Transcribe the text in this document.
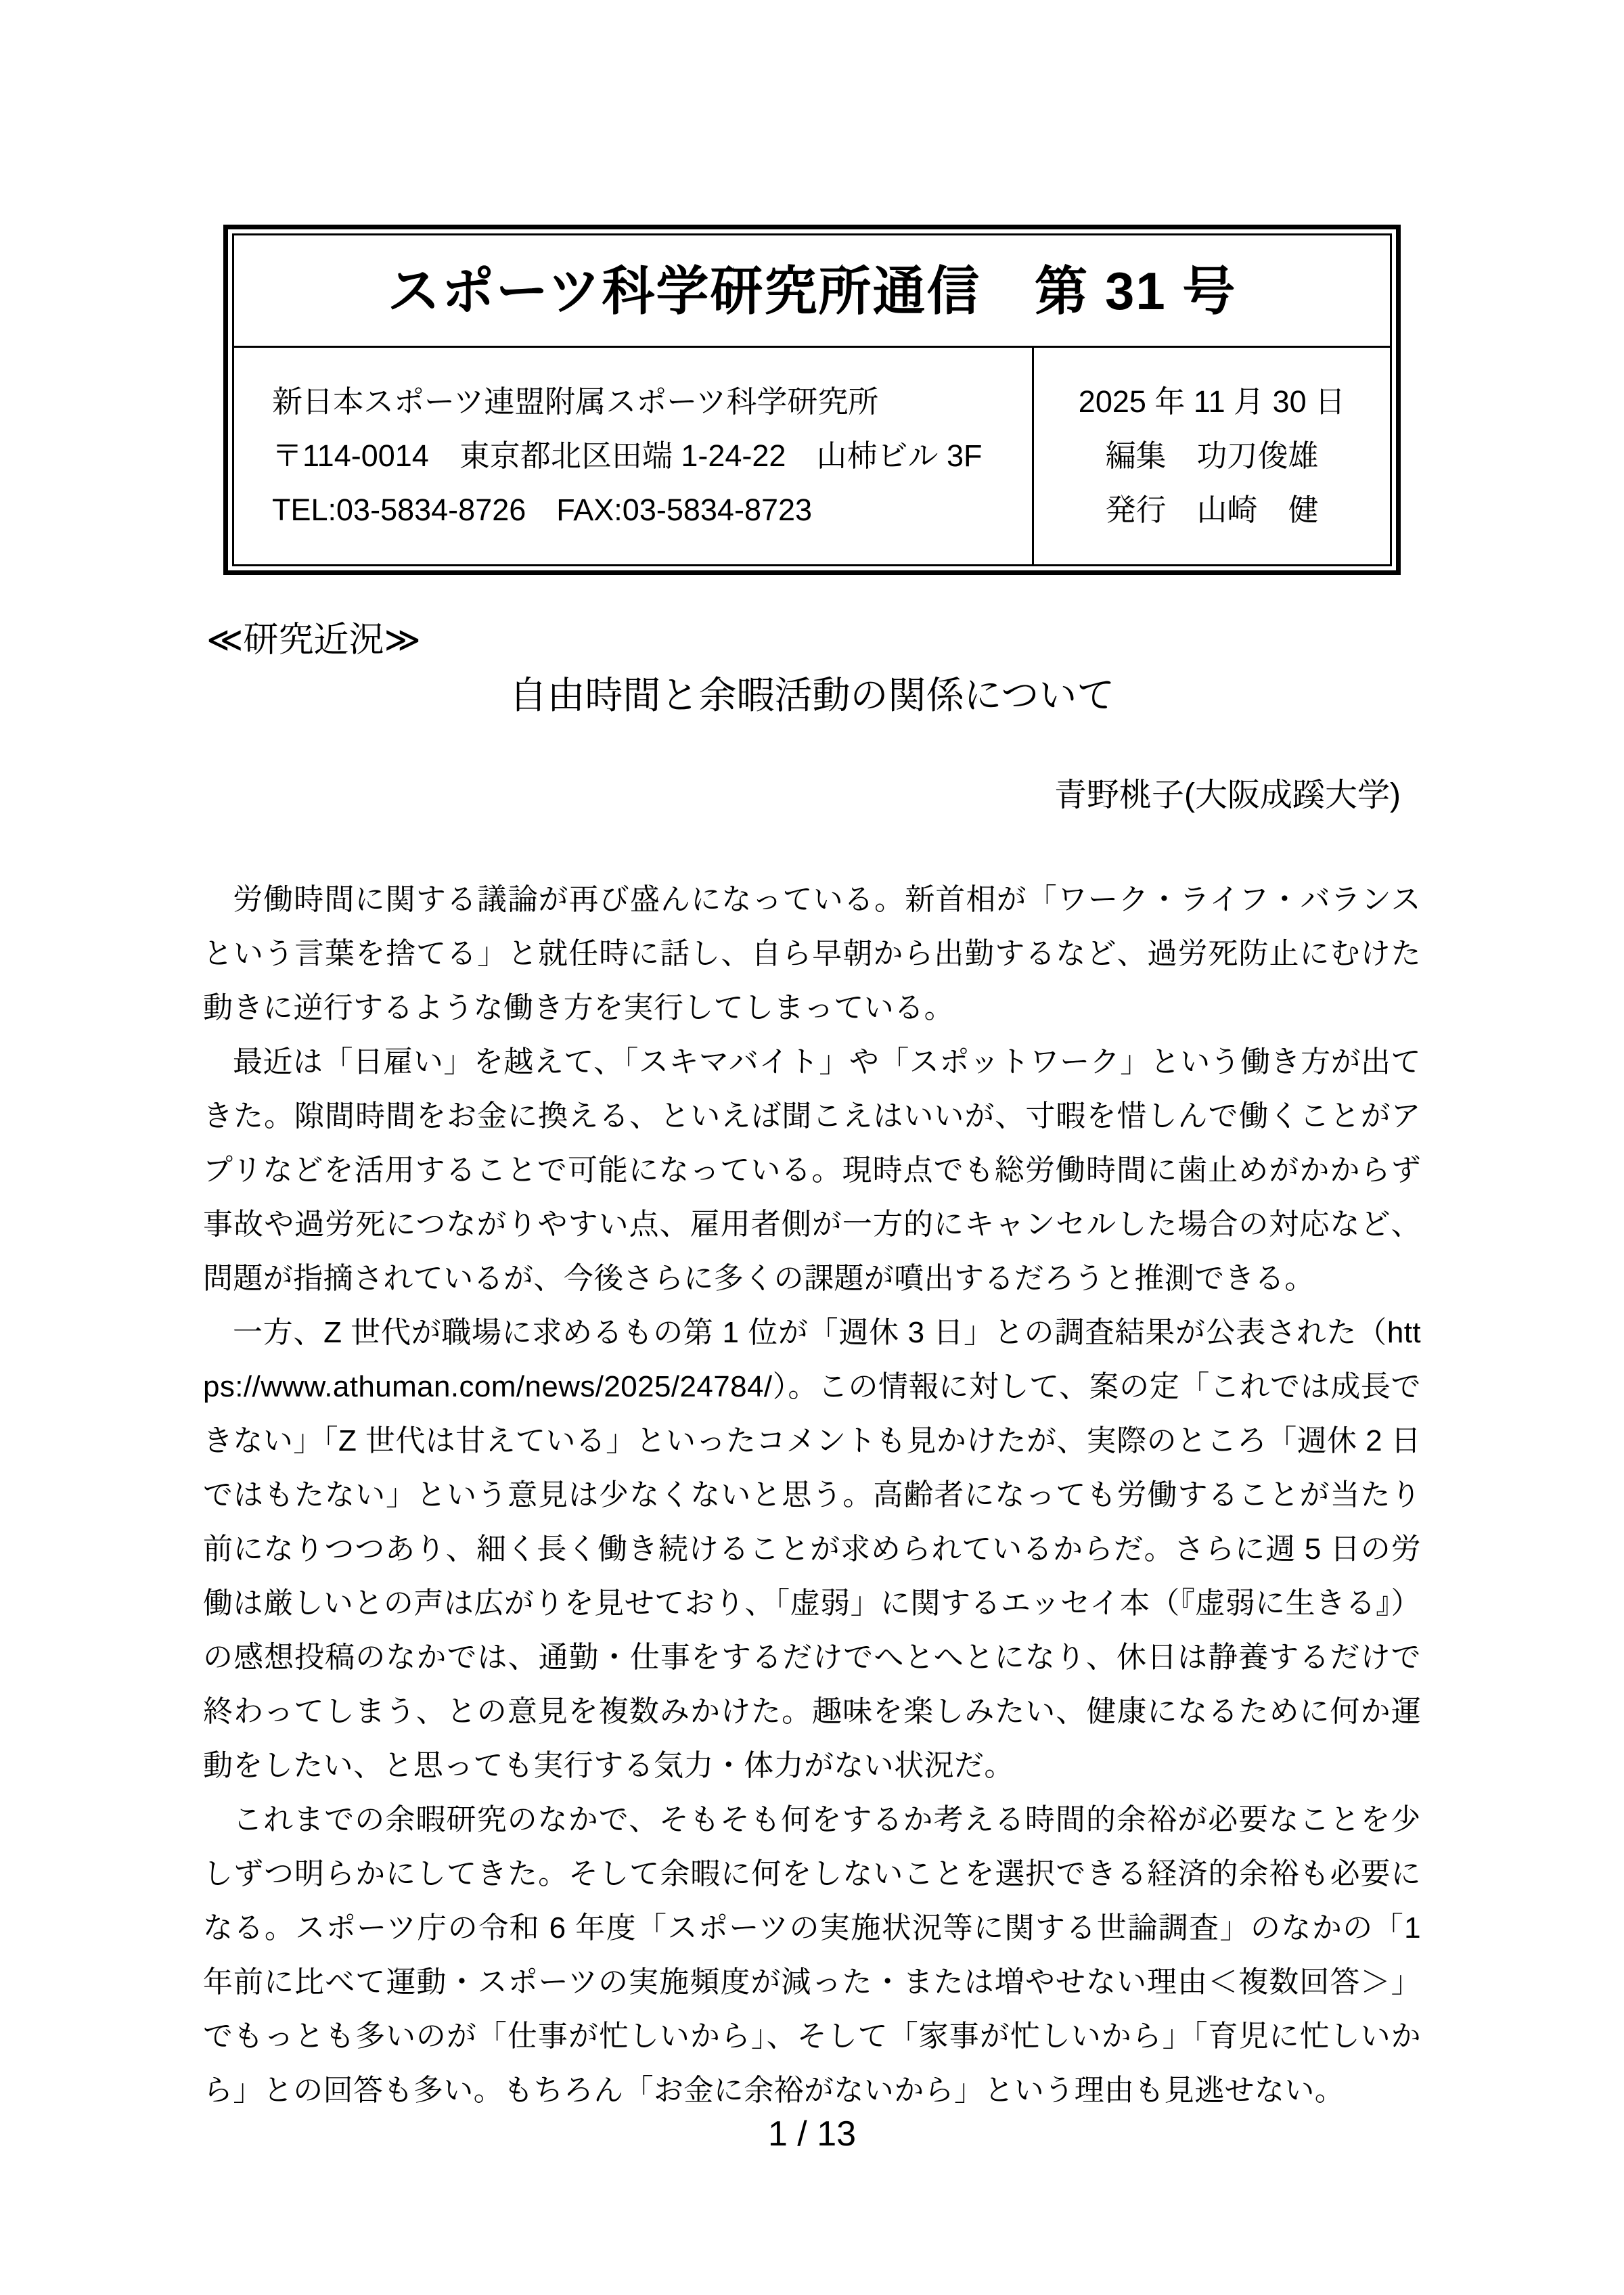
スポーツ科学研究所通信　第 31 号
新日本スポーツ連盟附属スポーツ科学研究所
〒114-0014　東京都北区田端 1-24-22　山柿ビル 3F
TEL:03-5834-8726　FAX:03-5834-8723
2025 年 11 月 30 日
編集　功刀俊雄
発行　山崎　健
≪研究近況≫
自由時間と余暇活動の関係について
青野桃子(大阪成蹊大学)

労働時間に関する議論が再び盛んになっている。新首相が「ワーク・ライフ・バランスという言葉を捨てる」と就任時に話し、自ら早朝から出勤するなど、過労死防止にむけた動きに逆行するような働き方を実行してしまっている。

最近は「日雇い」を越えて、「スキマバイト」や「スポットワーク」という働き方が出てきた。隙間時間をお金に換える、といえば聞こえはいいが、寸暇を惜しんで働くことがアプリなどを活用することで可能になっている。現時点でも総労働時間に歯止めがかからず事故や過労死につながりやすい点、雇用者側が一方的にキャンセルした場合の対応など、問題が指摘されているが、今後さらに多くの課題が噴出するだろうと推測できる。

一方、Z 世代が職場に求めるもの第 1 位が「週休 3 日」との調査結果が公表された（https://www.athuman.com/news/2025/24784/）。この情報に対して、案の定「これでは成長できない」「Z 世代は甘えている」といったコメントも見かけたが、実際のところ「週休 2 日ではもたない」という意見は少なくないと思う。高齢者になっても労働することが当たり前になりつつあり、細く長く働き続けることが求められているからだ。さらに週 5 日の労働は厳しいとの声は広がりを見せており、「虚弱」に関するエッセイ本（『虚弱に生きる』）の感想投稿のなかでは、通勤・仕事をするだけでへとへとになり、休日は静養するだけで終わってしまう、との意見を複数みかけた。趣味を楽しみたい、健康になるために何か運動をしたい、と思っても実行する気力・体力がない状況だ。

これまでの余暇研究のなかで、そもそも何をするか考える時間的余裕が必要なことを少しずつ明らかにしてきた。そして余暇に何をしないことを選択できる経済的余裕も必要になる。スポーツ庁の令和 6 年度「スポーツの実施状況等に関する世論調査」のなかの「1 年前に比べて運動・スポーツの実施頻度が減った・または増やせない理由＜複数回答＞」でもっとも多いのが「仕事が忙しいから」、そして「家事が忙しいから」「育児に忙しいから」との回答も多い。もちろん「お金に余裕がないから」という理由も見逃せない。

1 / 13
